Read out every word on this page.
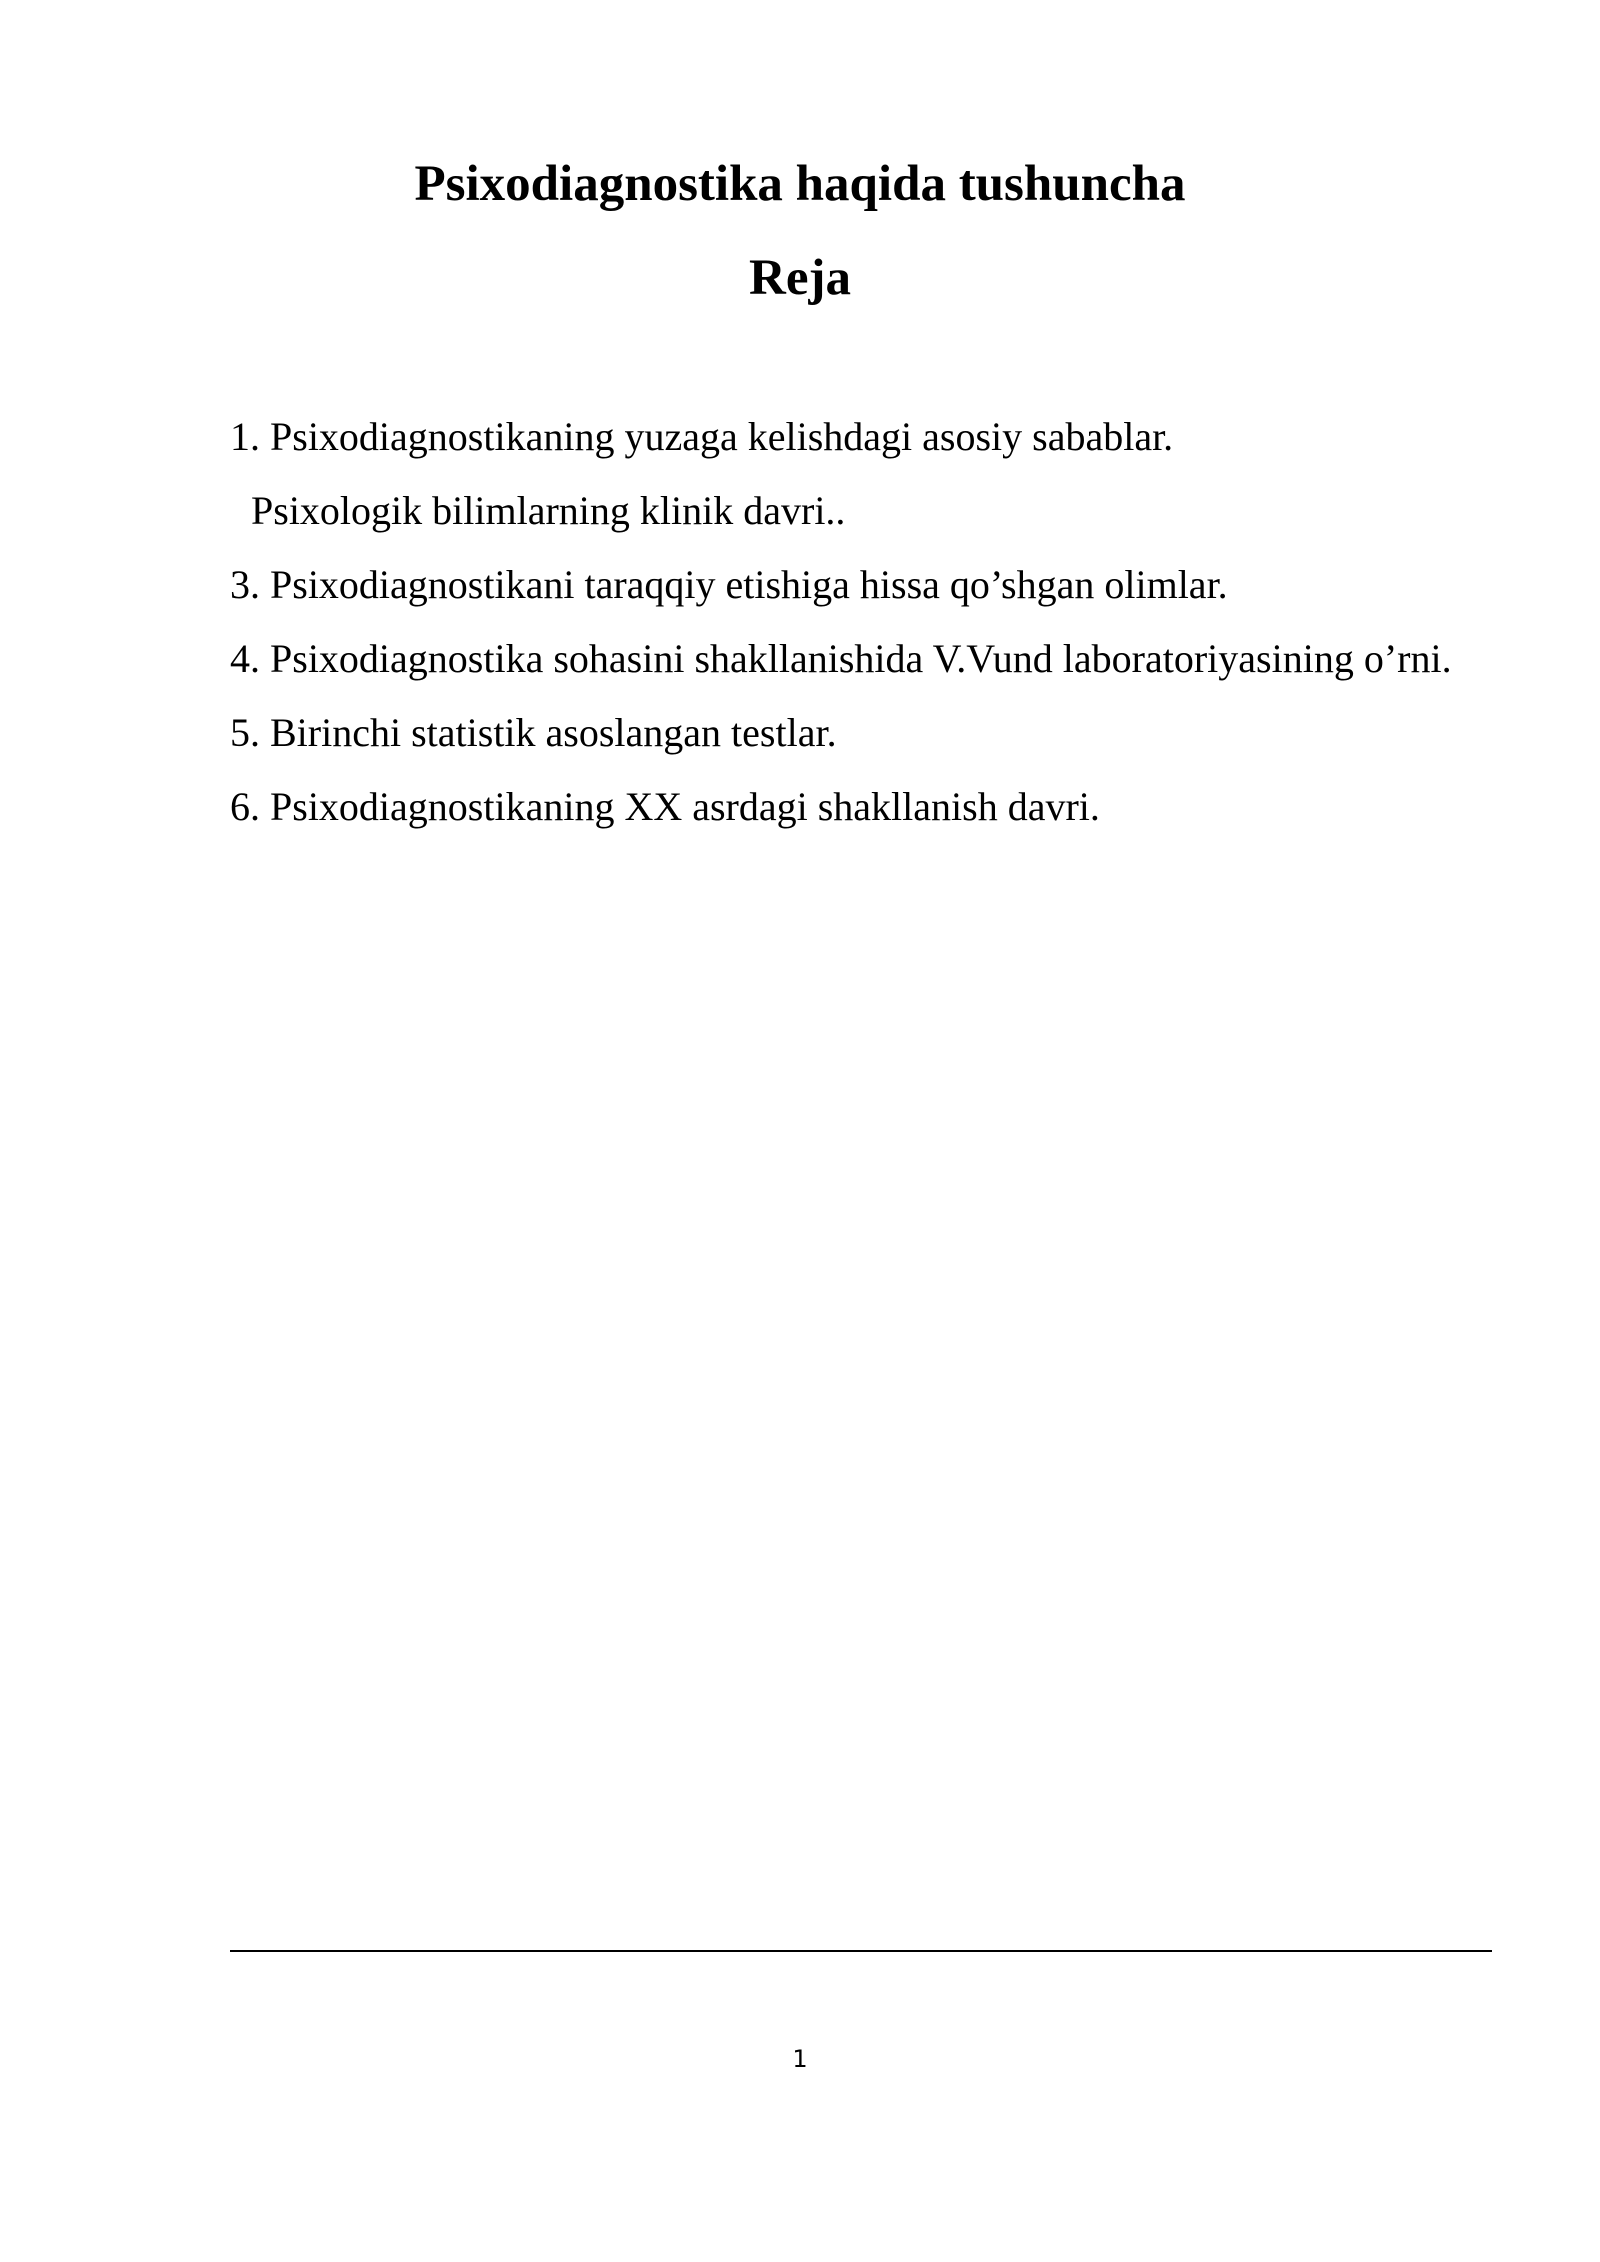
Psixodiagnostika haqida tushuncha
Reja
1. Psixodiagnostikaning yuzaga kelishdagi asosiy sabablar.
Psixologik bilimlarning klinik davri..
3. Psixodiagnostikani taraqqiy etishiga hissa qo’shgan olimlar.
4. Psixodiagnostika sohasini shakllanishida V.Vund laboratoriyasining o’rni.
5. Birinchi statistik asoslangan testlar.
6. Psixodiagnostikaning XX asrdagi shakllanish davri.
1
